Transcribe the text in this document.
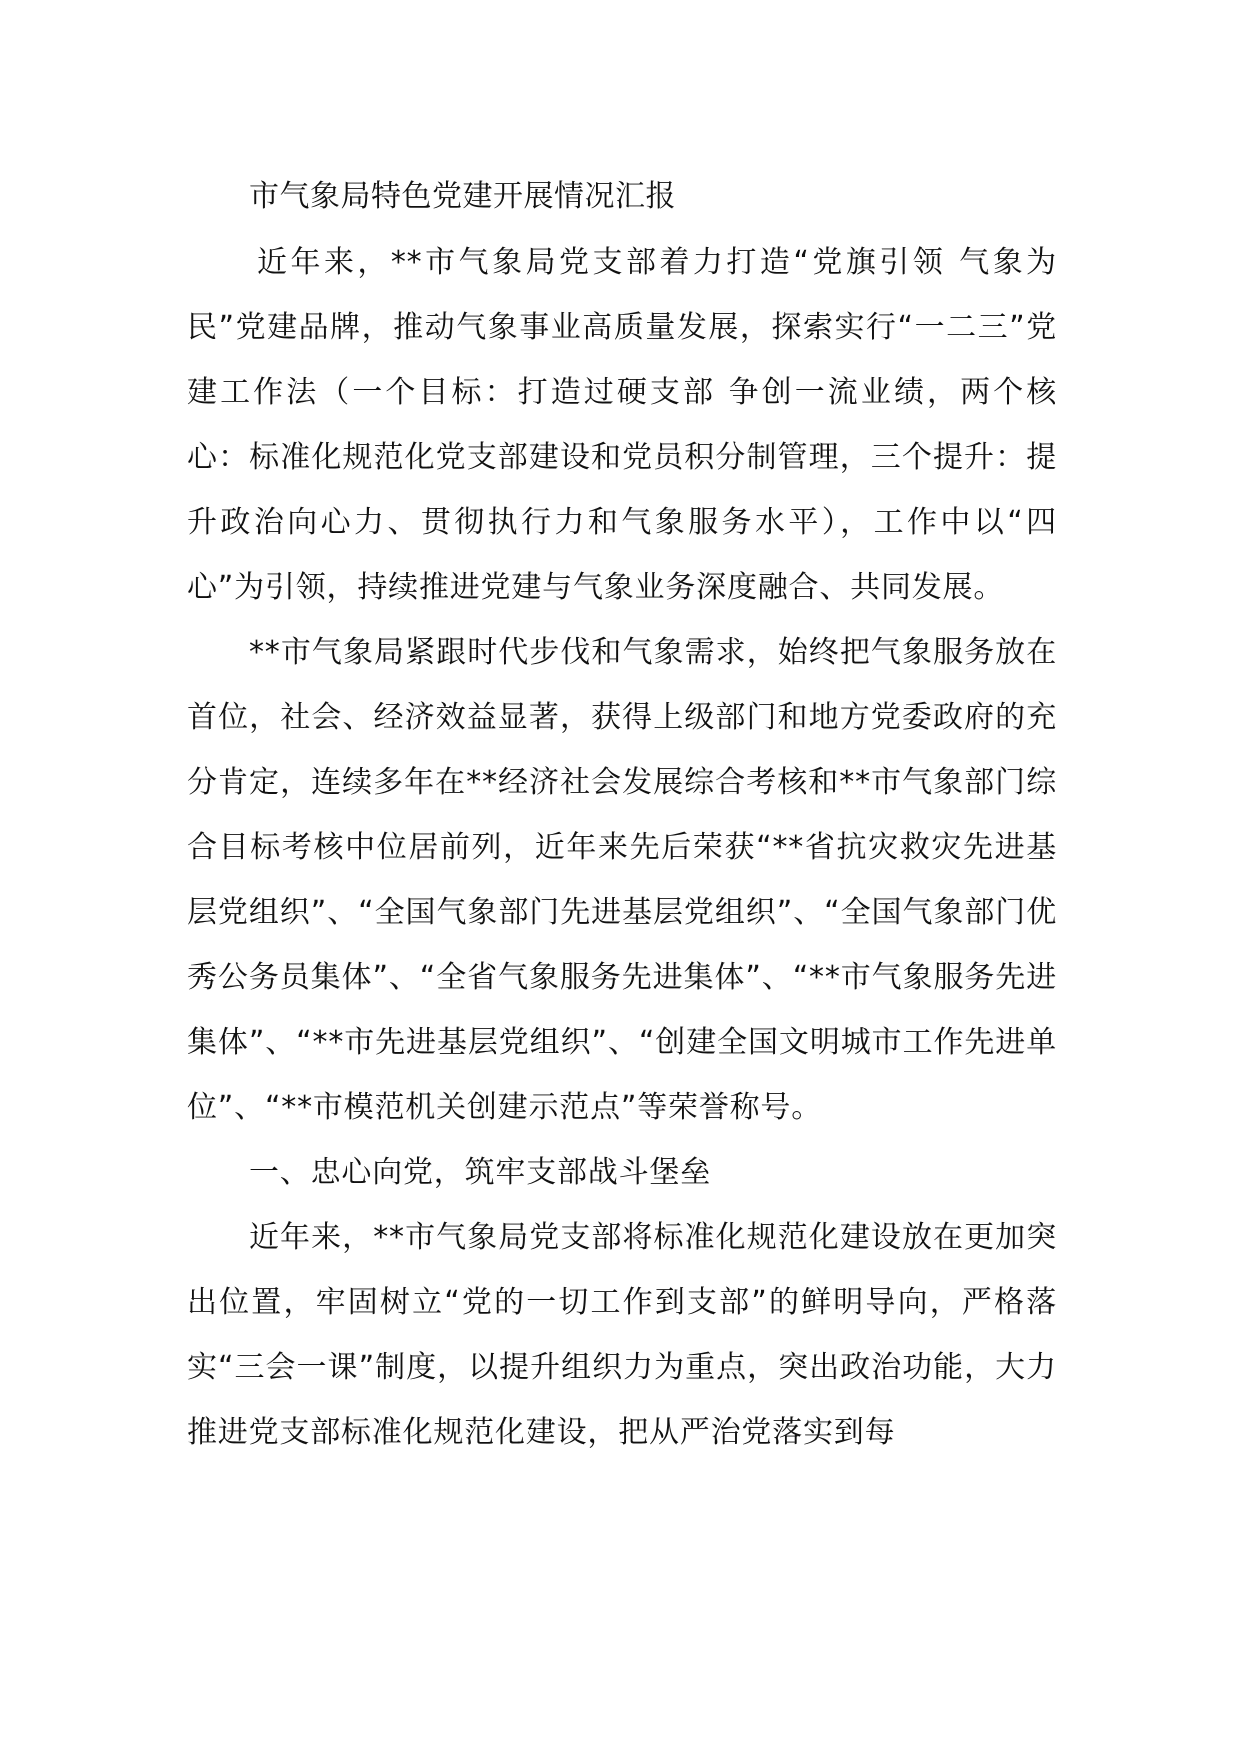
市气象局特色党建开展情况汇报

近年来，**市气象局党支部着力打造“党旗引领 气象为民”党建品牌，推动气象事业高质量发展，探索实行“一二三”党建工作法（一个目标：打造过硬支部 争创一流业绩，两个核心：标准化规范化党支部建设和党员积分制管理，三个提升：提升政治向心力、贯彻执行力和气象服务水平），工作中以“四心”为引领，持续推进党建与气象业务深度融合、共同发展。

**市气象局紧跟时代步伐和气象需求，始终把气象服务放在首位，社会、经济效益显著，获得上级部门和地方党委政府的充分肯定，连续多年在**经济社会发展综合考核和**市气象部门综合目标考核中位居前列，近年来先后荣获“**省抗灾救灾先进基层党组织”、“全国气象部门先进基层党组织”、“全国气象部门优秀公务员集体”、“全省气象服务先进集体”、“**市气象服务先进集体”、“**市先进基层党组织”、“创建全国文明城市工作先进单位”、“**市模范机关创建示范点”等荣誉称号。

一、忠心向党，筑牢支部战斗堡垒

近年来，**市气象局党支部将标准化规范化建设放在更加突出位置，牢固树立“党的一切工作到支部”的鲜明导向，严格落实“三会一课”制度，以提升组织力为重点，突出政治功能，大力推进党支部标准化规范化建设，把从严治党落实到每
